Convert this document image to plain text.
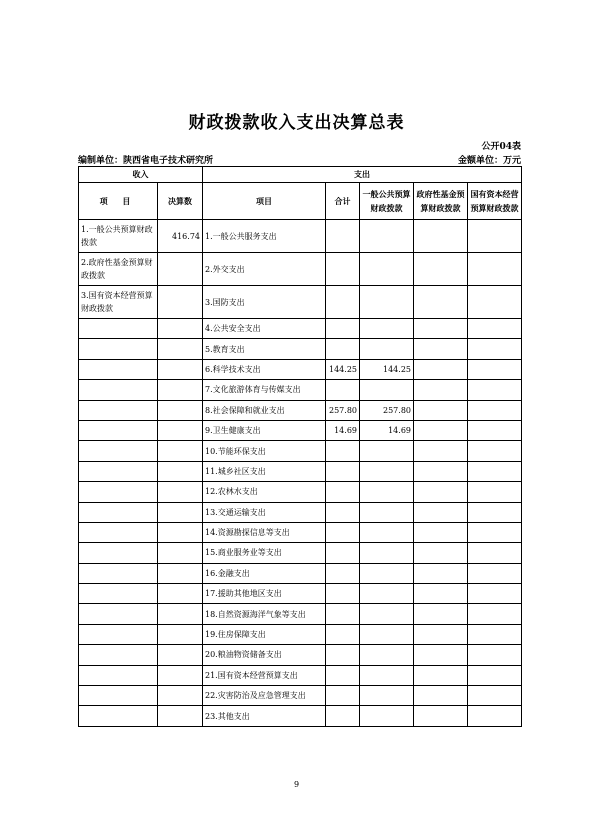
财政拨款收入支出决算总表
公开04表
编制单位：陕西省电子技术研究所	金额单位：万元
收入		支出				
项 目	决算数	项目	合计	一般公共预算财政拨款	政府性基金预算财政拨款	国有资本经营预算财政拨款
1.一般公共预算财政拨款	416.74	1.一般公共服务支出				
2.政府性基金预算财政拨款		2.外交支出				
3.国有资本经营预算财政拨款		3.国防支出				
		4.公共安全支出				
		5.教育支出				
		6.科学技术支出	144.25	144.25		
		7.文化旅游体育与传媒支出				
		8.社会保障和就业支出	257.80	257.80		
		9.卫生健康支出	14.69	14.69		
		10.节能环保支出				
		11.城乡社区支出				
		12.农林水支出				
		13.交通运输支出				
		14.资源勘探信息等支出				
		15.商业服务业等支出				
		16.金融支出				
		17.援助其他地区支出				
		18.自然资源海洋气象等支出				
		19.住房保障支出				
		20.粮油物资储备支出				
		21.国有资本经营预算支出				
		22.灾害防治及应急管理支出				
		23.其他支出				
9
